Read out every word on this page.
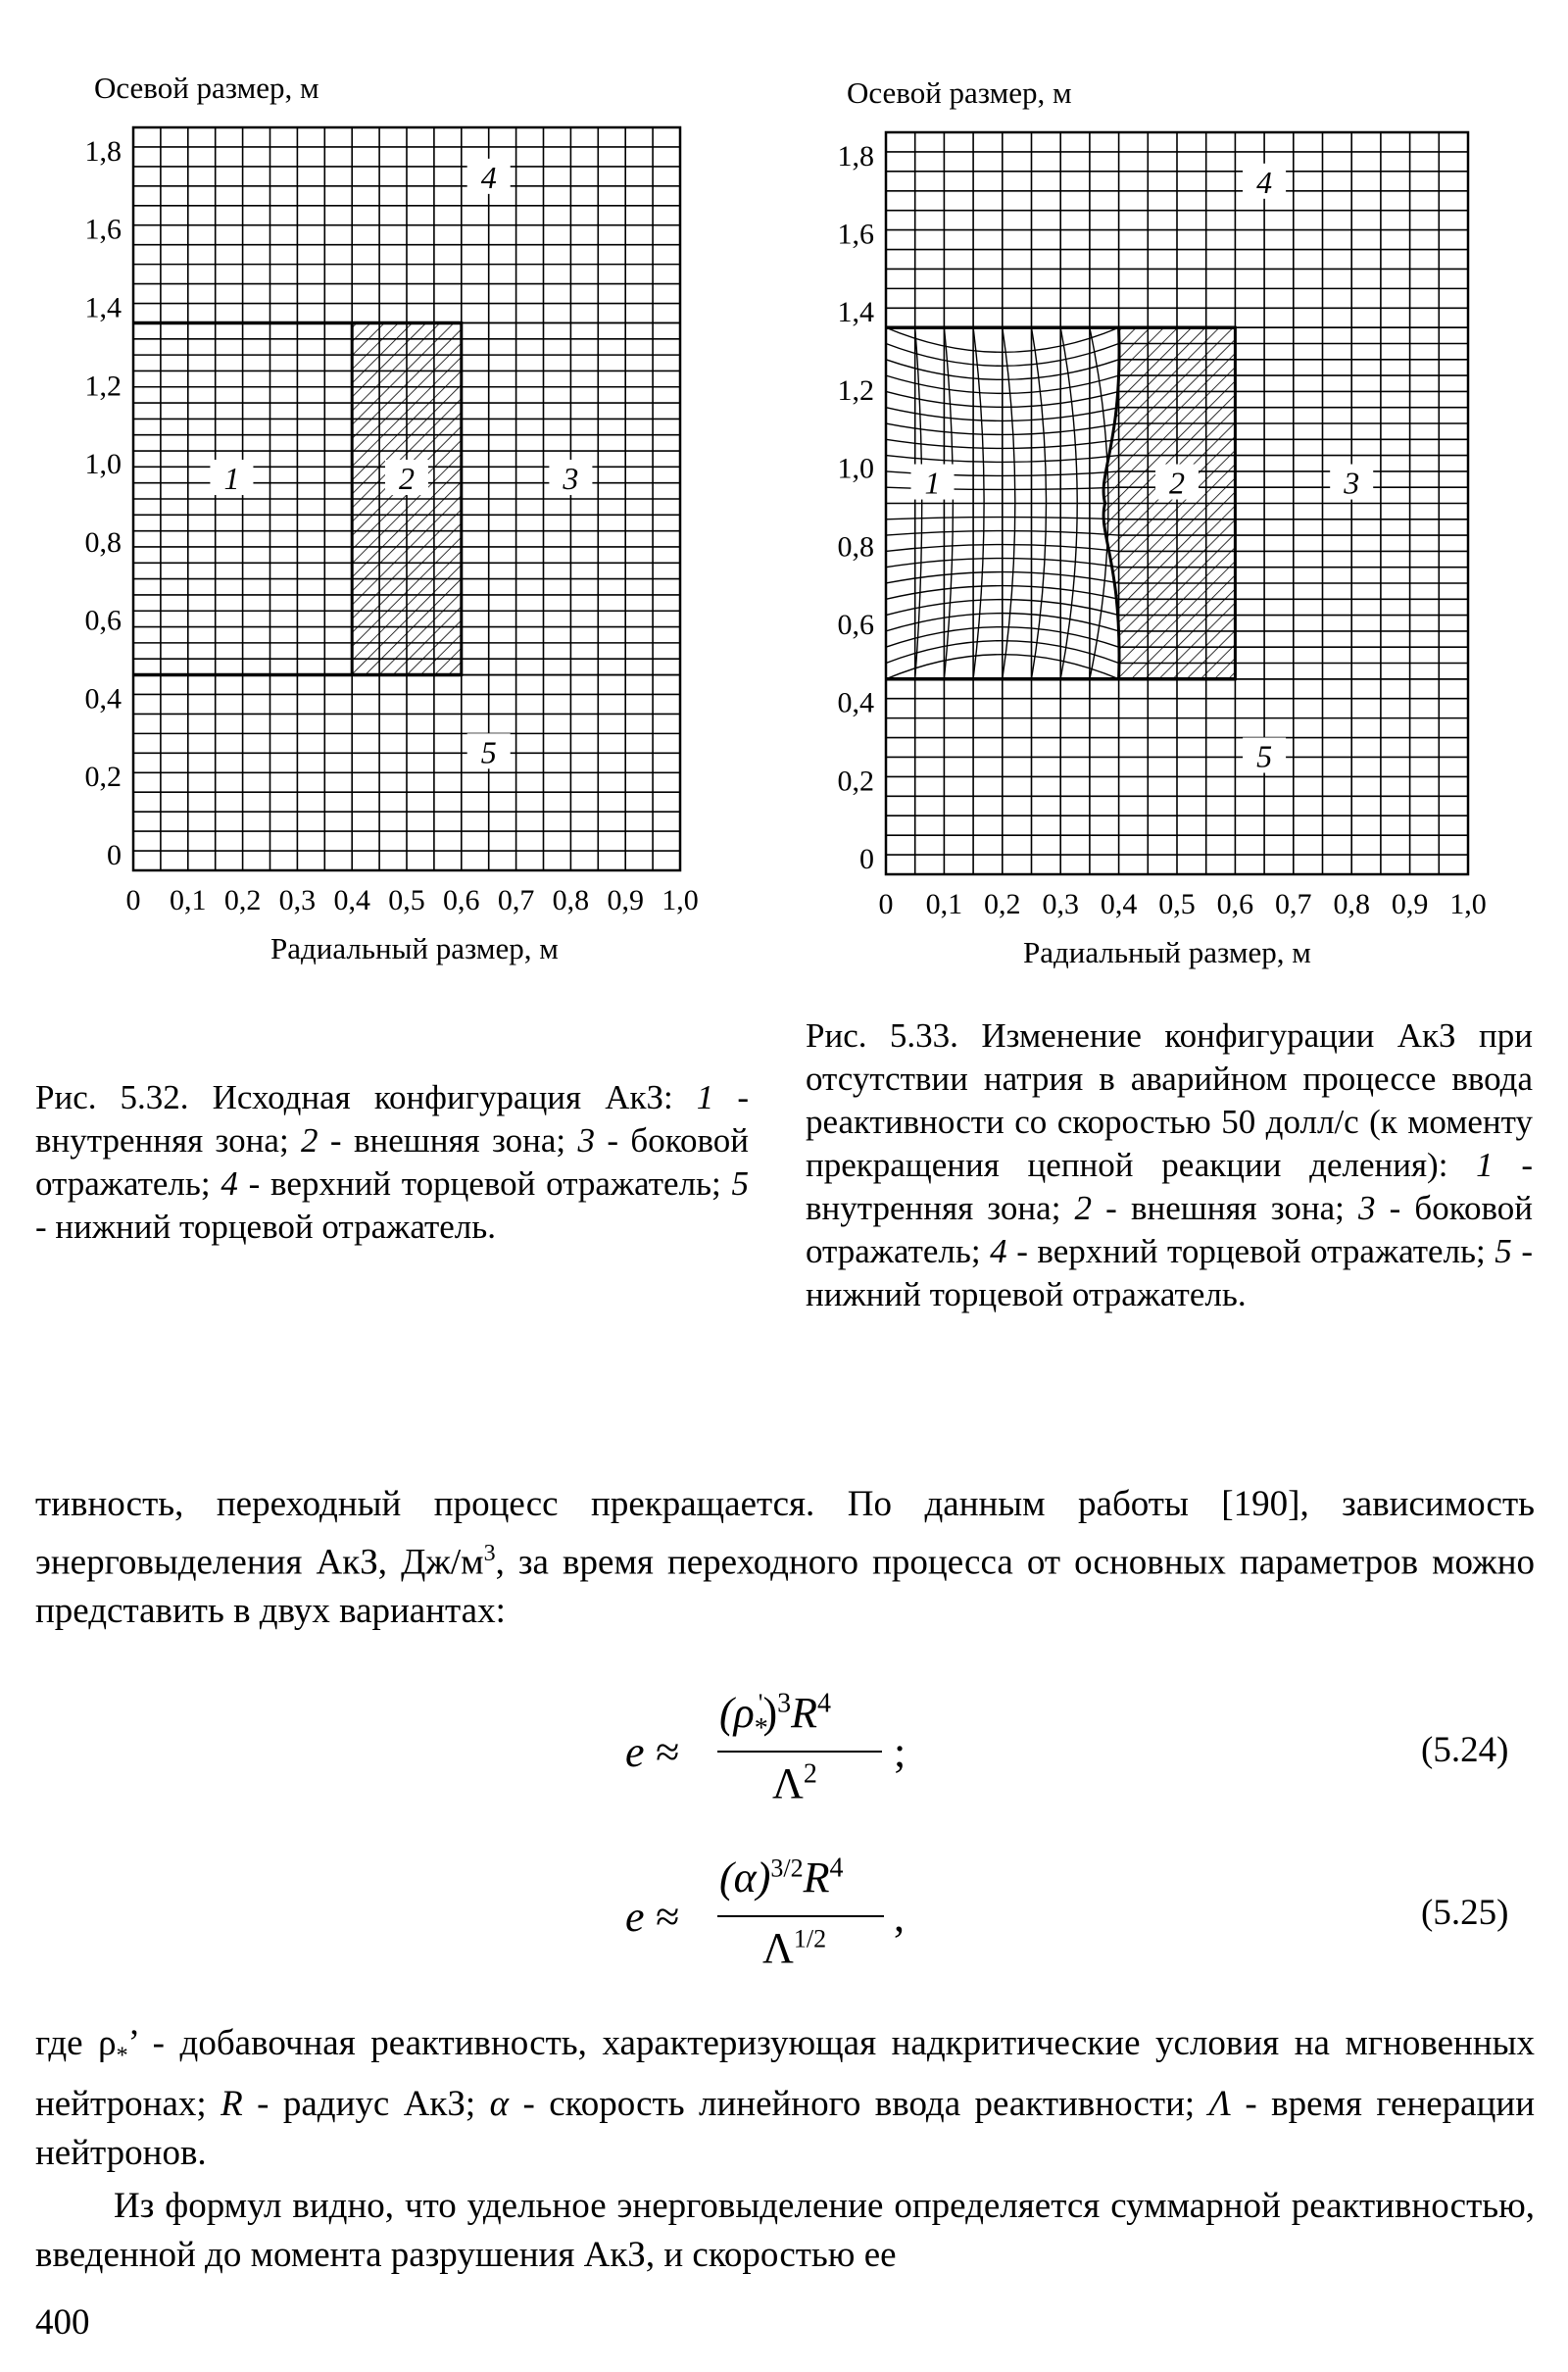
Осевой размер, м
Радиальный размер, м
1,8
1,6
1,4
1,2
1,0
0,8
0,6
0,4
0,2
0
0 0,1 0,2 0,3 0,4 0,5 0,6 0,7 0,8 0,9 1,0
1	2	3
4
5
Осевой размер, м
Радиальный размер, м
1,8
1,6
1,4
1,2
1,0
0,8
0,6
0,4
0,2
0
0 0,1 0,2 0,3 0,4 0,5 0,6 0,7 0,8 0,9 1,0
1	2	3
4
5

Рис. 5.32. Исходная конфигурация АкЗ: 1 - внутренняя зона; 2 - внешняя зона; 3 - боковой отражатель; 4 - верхний торцевой отражатель; 5 - нижний торцевой отражатель.

Рис. 5.33. Изменение конфигурации АкЗ при отсутствии натрия в аварийном процессе ввода реактивности со скоростью 50 долл/с (к моменту прекращения цепной реакции деления): 1 - внутренняя зона; 2 - внешняя зона; 3 - боковой отражатель; 4 - верхний торцевой отражатель; 5 - нижний торцевой отражатель.

тивность, переходный процесс прекращается. По данным работы [190], зависимость энерговыделения АкЗ, $Дж/м^3$, за время переходного процесса от основных параметров можно представить в двух вариантах:

e ≈
$(\rho_*')^3R^4$
$\Lambda^2$ ;	(5.24)
e ≈
$(\alpha)^{3/2}R^4$
$\Lambda^{1/2}$ ,	(5.25)

где $\rho_*$’ - добавочная реактивность, характеризующая надкритические условия на мгновенных нейтронах; R - радиус АкЗ; α - скорость линейного ввода реактивности; Λ - время генерации нейтронов.

Из формул видно, что удельное энерговыделение определяется суммарной реактивностью, введенной до момента разрушения АкЗ, и скоростью ее

400
